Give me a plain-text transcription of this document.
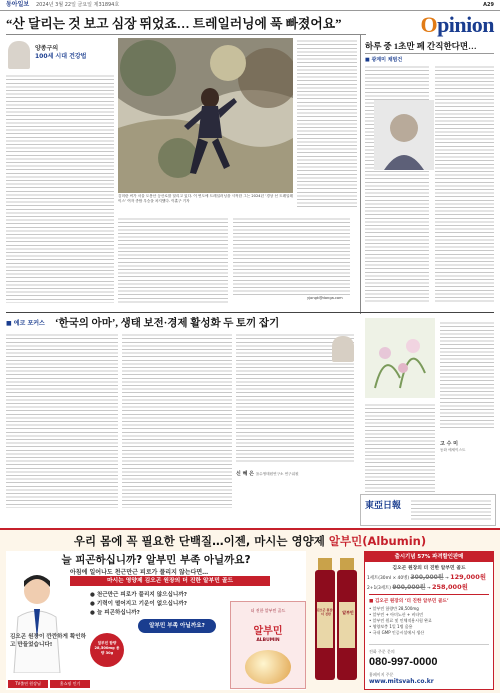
동아일보 2024년 3월 22일 금요일 제31894호	A29
Opinion
“산 달리는 것 보고 심장 뛰었죠… 트레일러닝에 푹 빠졌어요”
양종구의
100세 시대 건강법
yjongk@donga.com
김미란 씨가 서울 도봉산 등산로를 달리고 있다. 이 연도에 트레일러닝을 시작한 그는 2024년 ‘경상 선 트레일레이스’ 여자 종합 우승을 차지했다. 이훈구 기자
하루 중 1초만 페 간직한다면…
■ 광계미 채범건
■ 에코 포커스 ‘한국의 아마’, 생태 보전·경제 활성화 두 토끼 잡기
신 혜 은 을수생태원연구소 연구위원
고 수 미
동화 에세이스트
東亞日報
우리 몸에 꼭 필요한 단백질…이젠, 마시는 영양제 알부민(Albumin)
늘 피곤하십니까? 알부민 부족 아닐까요?
아침에 일어나도 천근만근 피로가 풀리지 않는다면…
마시는 영양제 김오곤 원장의 더 진한 알부민 골드
● 천근만근 피로가 풀리지 않으십니까?
● 기력이 떨어지고 기운이 없으십니까?
● 늘 피곤하십니까?
알부민 부족 아닐까요?
김오곤 원장이 깐깐하게 확인하고 만들었습니다!
TV출연 원장님	홈쇼핑 인기
알부민 함량 28,500mg 용량 30g
더 진한 알부민 골드
알부민
ALBUMIN
김오곤 원장의
더 진한	알부민
출시기념 57% 파격할인판매
김오곤 원장의 더 진한 알부민 골드
1세트(30ml × 40병) 300,000원 → 129,000원
2+1(3세트) 900,000원 → 258,000원
■ 김오곤 원장의 ‘더 진한 알부민 골드’
• 알부민 함량만 28,500mg
• 알부민 + 아미노산 + 비타민
• 알부민 원료 및 인체적용시험 완료
• 영양보충 1일 1병 음용
• 국내 GMP 인증시설에서 생산
전화 주문 문의
080-997-0000
홈페이지 주문
www.mitsvah.co.kr
